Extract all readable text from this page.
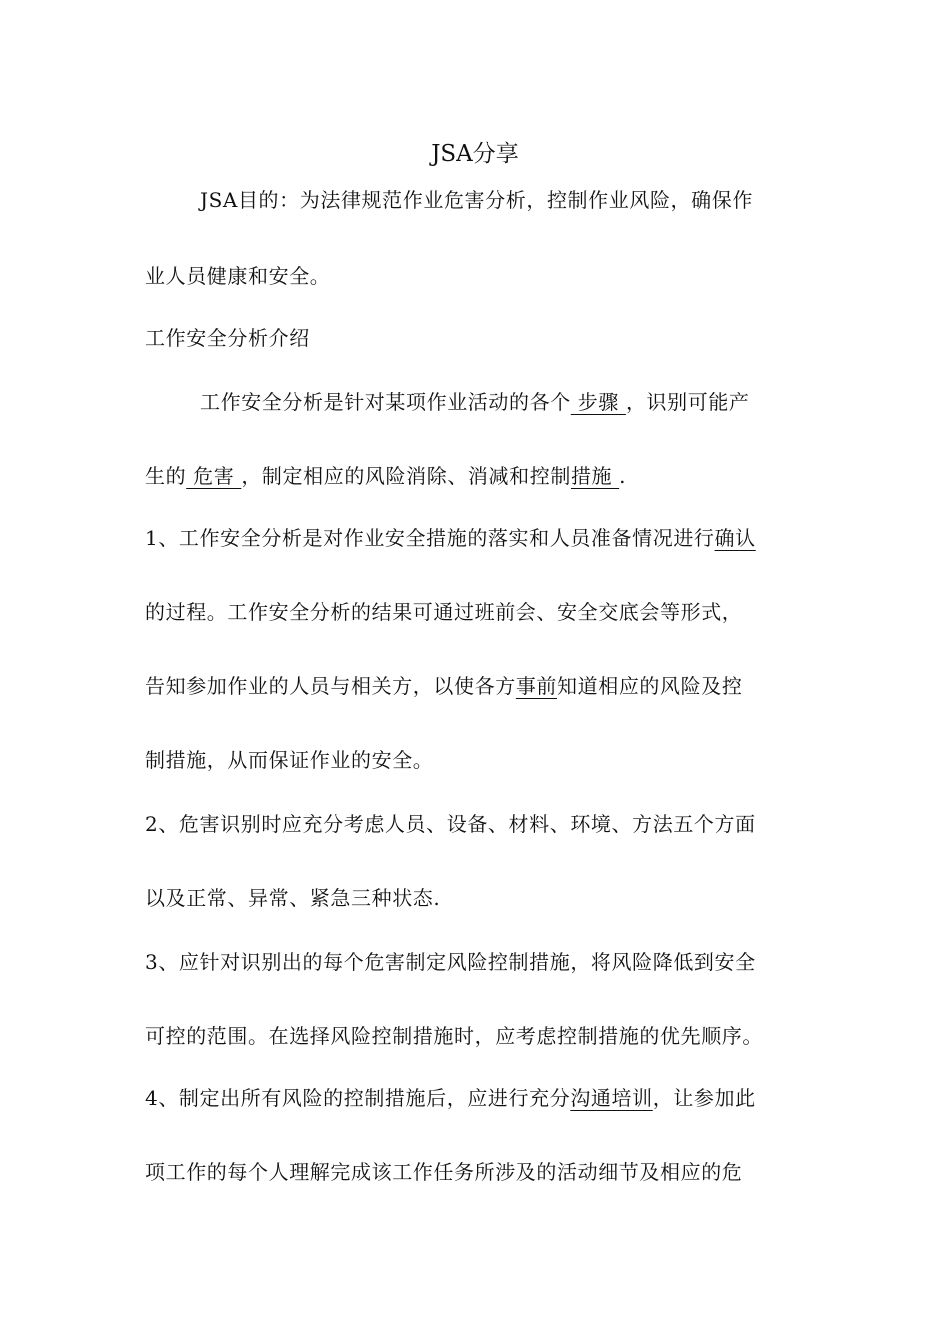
JSA分享
JSA目的：为法律规范作业危害分析，控制作业风险，确保作
业人员健康和安全。
工作安全分析介绍
工作安全分析是针对某项作业活动的各个 步骤 ，识别可能产
生的 危害 ，制定相应的风险消除、消减和控制措施 .
1、工作安全分析是对作业安全措施的落实和人员准备情况进行确认
的过程。工作安全分析的结果可通过班前会、安全交底会等形式，
告知参加作业的人员与相关方，以使各方事前知道相应的风险及控
制措施，从而保证作业的安全。
2、危害识别时应充分考虑人员、设备、材料、环境、方法五个方面
以及正常、异常、紧急三种状态.
3、应针对识别出的每个危害制定风险控制措施，将风险降低到安全
可控的范围。在选择风险控制措施时，应考虑控制措施的优先顺序。
4、制定出所有风险的控制措施后，应进行充分沟通培训，让参加此
项工作的每个人理解完成该工作任务所涉及的活动细节及相应的危
